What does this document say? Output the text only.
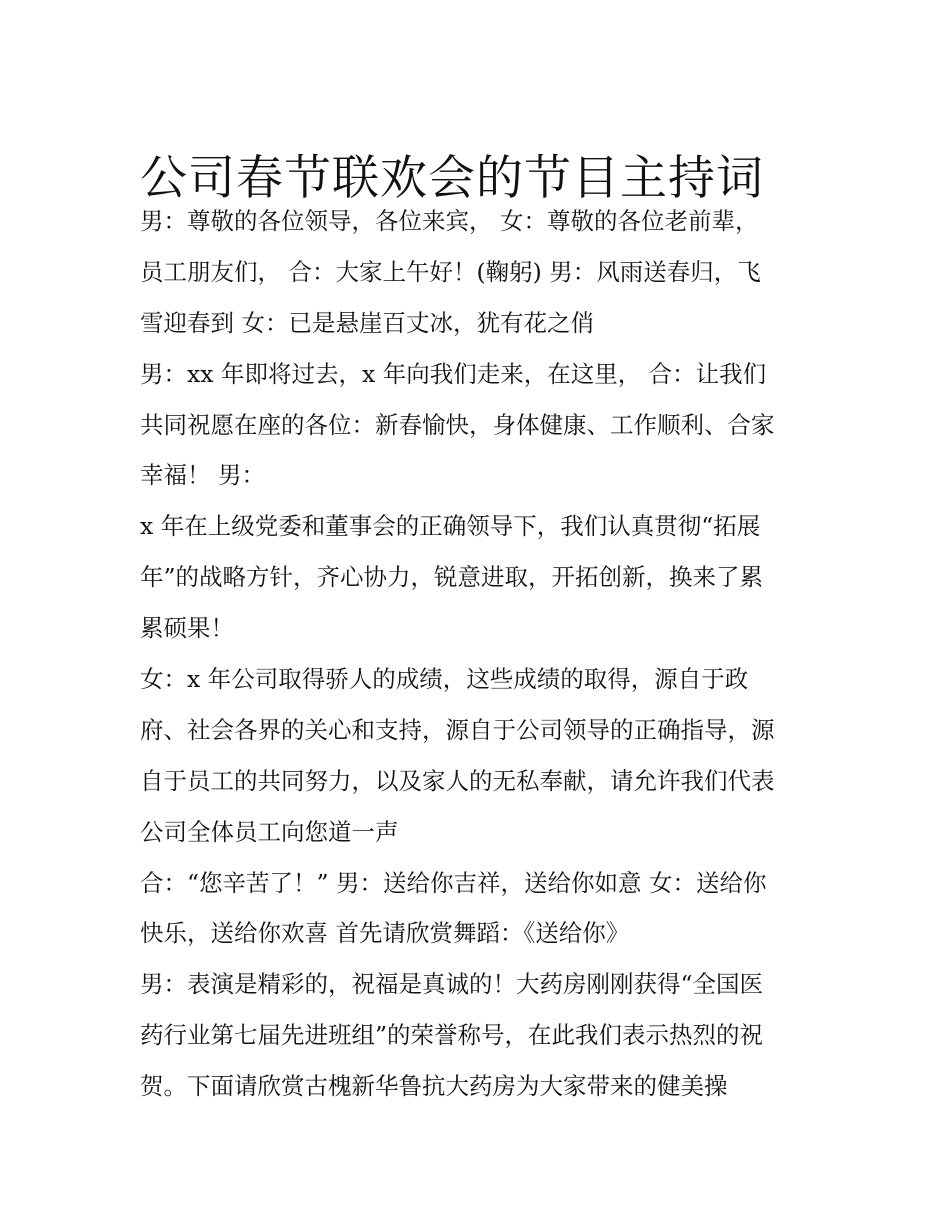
公司春节联欢会的节目主持词
男：尊敬的各位领导，各位来宾， 女：尊敬的各位老前辈，
员工朋友们， 合：大家上午好！(鞠躬) 男：风雨送春归，飞
雪迎春到 女：已是悬崖百丈冰，犹有花之俏
男：xx 年即将过去，x 年向我们走来，在这里， 合：让我们
共同祝愿在座的各位：新春愉快，身体健康、工作顺利、合家
幸福！ 男：
x 年在上级党委和董事会的正确领导下，我们认真贯彻“拓展
年”的战略方针，齐心协力，锐意进取，开拓创新，换来了累
累硕果！
女：x 年公司取得骄人的成绩，这些成绩的取得，源自于政
府、社会各界的关心和支持，源自于公司领导的正确指导，源
自于员工的共同努力，以及家人的无私奉献，请允许我们代表
公司全体员工向您道一声
合：“您辛苦了！” 男：送给你吉祥，送给你如意 女：送给你
快乐，送给你欢喜 首先请欣赏舞蹈：《送给你》
男：表演是精彩的，祝福是真诚的！大药房刚刚获得“全国医
药行业第七届先进班组”的荣誉称号，在此我们表示热烈的祝
贺。下面请欣赏古槐新华鲁抗大药房为大家带来的健美操
